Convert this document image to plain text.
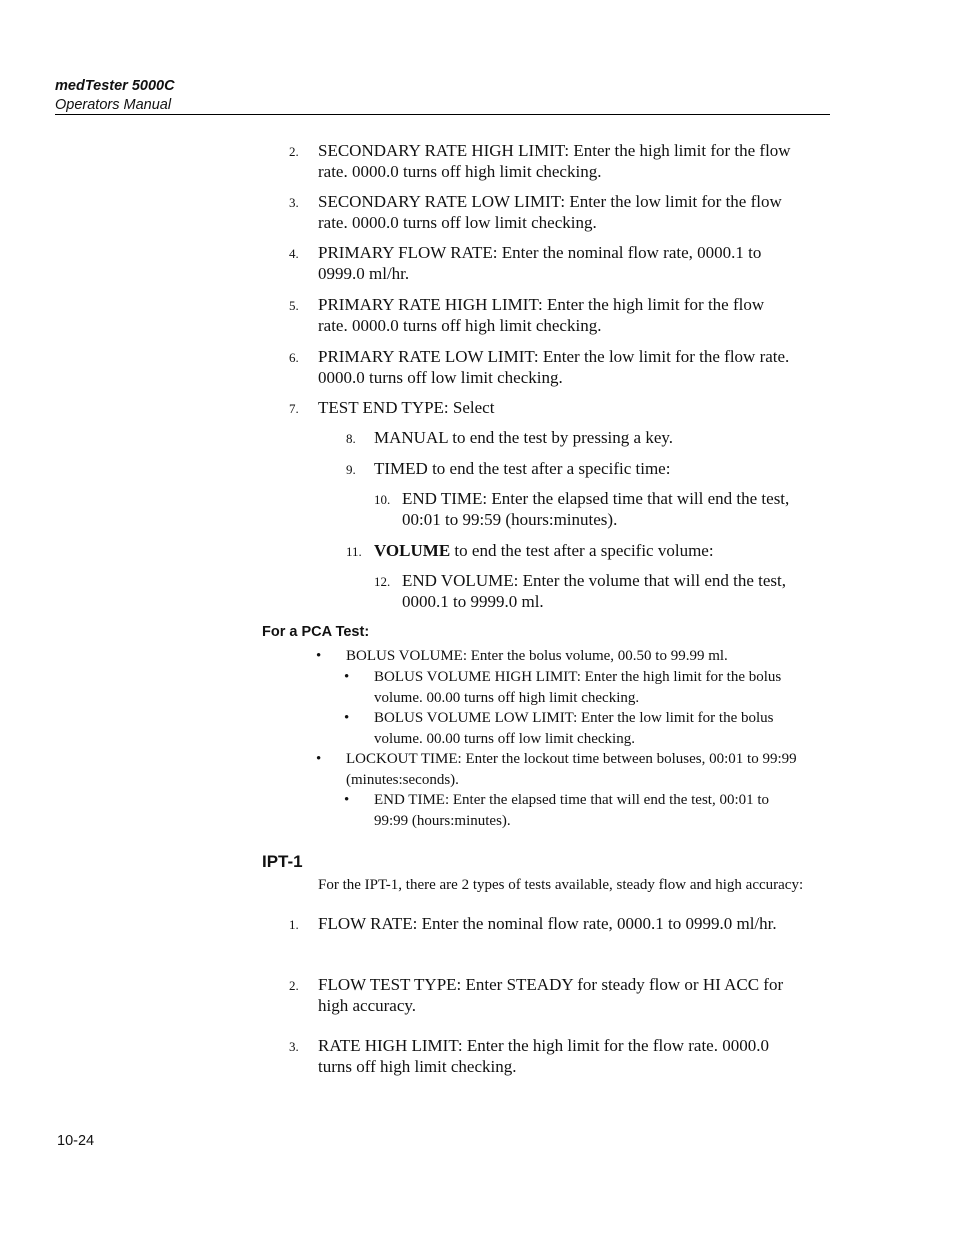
medTester 5000C
Operators Manual
2. SECONDARY RATE HIGH LIMIT: Enter the high limit for the flow rate. 0000.0 turns off high limit checking.
3. SECONDARY RATE LOW LIMIT: Enter the low limit for the flow rate. 0000.0 turns off low limit checking.
4. PRIMARY FLOW RATE: Enter the nominal flow rate, 0000.1 to 0999.0 ml/hr.
5. PRIMARY RATE HIGH LIMIT: Enter the high limit for the flow rate. 0000.0 turns off high limit checking.
6. PRIMARY RATE LOW LIMIT: Enter the low limit for the flow rate. 0000.0 turns off low limit checking.
7. TEST END TYPE: Select
8. MANUAL to end the test by pressing a key.
9. TIMED to end the test after a specific time:
10. END TIME: Enter the elapsed time that will end the test, 00:01 to 99:59 (hours:minutes).
11. VOLUME to end the test after a specific volume:
12. END VOLUME: Enter the volume that will end the test, 0000.1 to 9999.0 ml.
For a PCA Test:
• BOLUS VOLUME: Enter the bolus volume, 00.50 to 99.99 ml.
• BOLUS VOLUME HIGH LIMIT: Enter the high limit for the bolus volume. 00.00 turns off high limit checking.
• BOLUS VOLUME LOW LIMIT: Enter the low limit for the bolus volume. 00.00 turns off low limit checking.
• LOCKOUT TIME: Enter the lockout time between boluses, 00:01 to 99:99 (minutes:seconds).
• END TIME: Enter the elapsed time that will end the test, 00:01 to 99:99 (hours:minutes).
IPT-1
For the IPT-1, there are 2 types of tests available, steady flow and high accuracy:
1. FLOW RATE: Enter the nominal flow rate, 0000.1 to 0999.0 ml/hr.
2. FLOW TEST TYPE: Enter STEADY for steady flow or HI ACC for high accuracy.
3. RATE HIGH LIMIT: Enter the high limit for the flow rate. 0000.0 turns off high limit checking.
10-24
